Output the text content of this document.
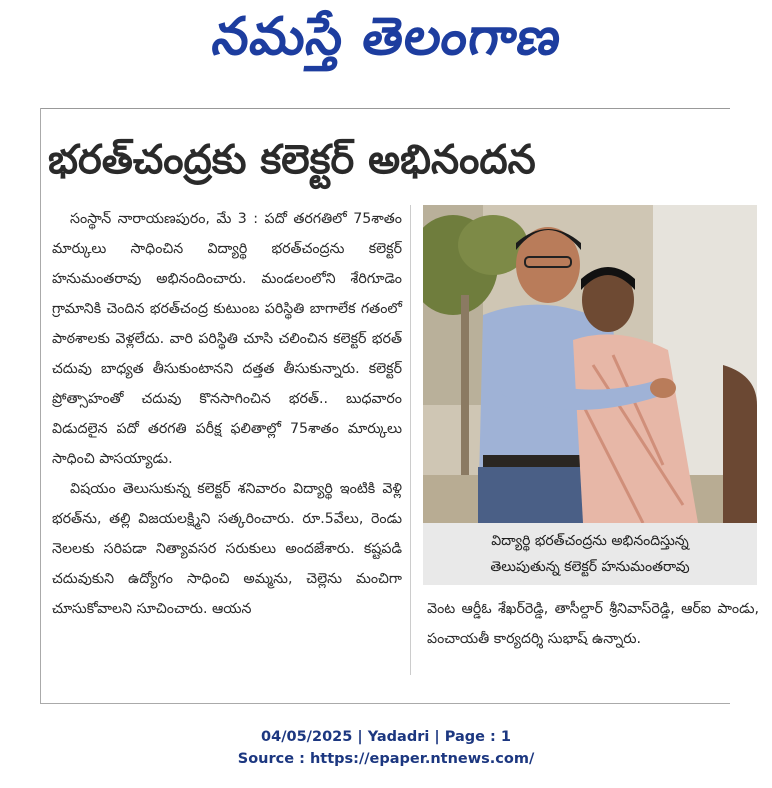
నమస్తే తెలంగాణ
భరత్‌చంద్రకు కలెక్టర్ అభినందన

సంస్థాన్ నారాయణపురం, మే 3 : పదో తరగతిలో 75శాతం మార్కులు సాధించిన విద్యార్థి భరత్‌చంద్రను కలెక్టర్ హనుమంతరావు అభినందించారు. మండలంలోని శేరిగూడెం గ్రామానికి చెందిన భరత్‌చంద్ర కుటుంబ పరిస్థితి బాగాలేక గతంలో పాఠశాలకు వెళ్లలేదు. వారి పరిస్థితి చూసి చలించిన కలెక్టర్ భరత్ చదువు బాధ్యత తీసుకుంటానని దత్తత తీసుకున్నారు. కలెక్టర్ ప్రోత్సాహంతో చదువు కొనసాగించిన భరత్.. బుధవారం విడుదలైన పదో తరగతి పరీక్ష ఫలితాల్లో 75శాతం మార్కులు సాధించి పాసయ్యాడు.

విషయం తెలుసుకున్న కలెక్టర్ శనివారం విద్యార్థి ఇంటికి వెళ్లి భరత్‌ను, తల్లి విజయలక్ష్మిని సత్కరించారు. రూ.5వేలు, రెండు నెలలకు సరిపడా నిత్యావసర సరుకులు అందజేశారు. కష్టపడి చదువుకుని ఉద్యోగం సాధించి అమ్మను, చెల్లెను మంచిగా చూసుకోవాలని సూచించారు. ఆయన

విద్యార్థి భరత్‌చంద్రను అభినందిస్తున్న
తెలుపుతున్న కలెక్టర్ హనుమంతరావు

వెంట ఆర్డీఓ శేఖర్‌రెడ్డి, తాసీల్దార్ శ్రీనివాస్‌రెడ్డి, ఆర్‌ఐ పాండు, పంచాయతీ కార్యదర్శి సుభాష్ ఉన్నారు.

04/05/2025 | Yadadri | Page : 1
Source : https://epaper.ntnews.com/
